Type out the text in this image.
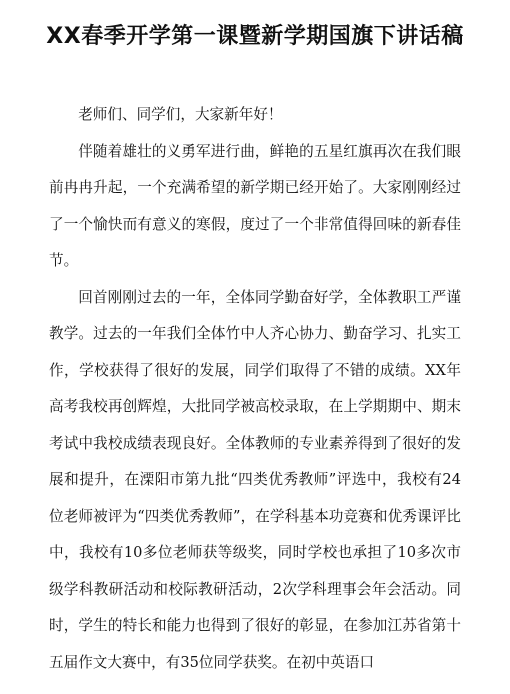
XX春季开学第一课暨新学期国旗下讲话稿

老师们、同学们，大家新年好！

伴随着雄壮的义勇军进行曲，鲜艳的五星红旗再次在我们眼前冉冉升起，一个充满希望的新学期已经开始了。大家刚刚经过了一个愉快而有意义的寒假，度过了一个非常值得回味的新春佳节。

回首刚刚过去的一年，全体同学勤奋好学，全体教职工严谨教学。过去的一年我们全体竹中人齐心协力、勤奋学习、扎实工作，学校获得了很好的发展，同学们取得了不错的成绩。XX年高考我校再创辉煌，大批同学被高校录取，在上学期期中、期末考试中我校成绩表现良好。全体教师的专业素养得到了很好的发展和提升，在溧阳市第九批“四类优秀教师”评选中，我校有24位老师被评为“四类优秀教师”，在学科基本功竞赛和优秀课评比中，我校有10多位老师获等级奖，同时学校也承担了10多次市级学科教研活动和校际教研活动，2次学科理事会年会活动。同时，学生的特长和能力也得到了很好的彰显，在参加江苏省第十五届作文大赛中，有35位同学获奖。在初中英语口
